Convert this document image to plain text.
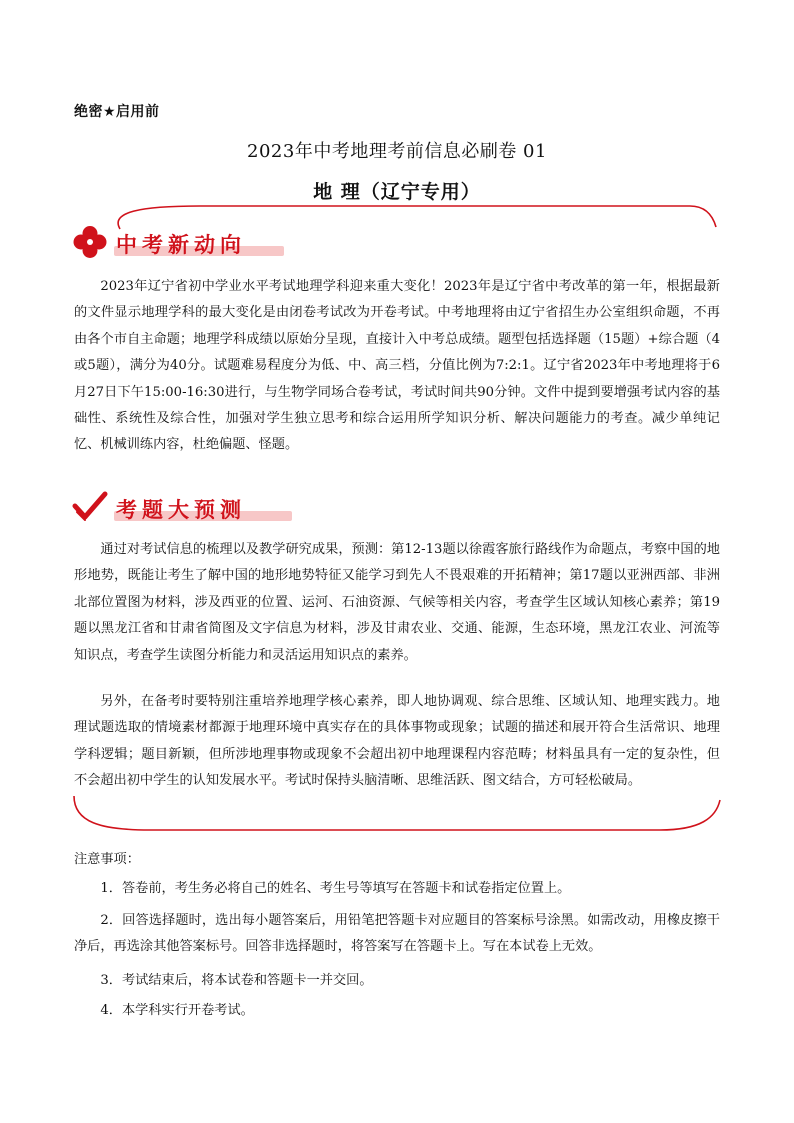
绝密★启用前
2023年中考地理考前信息必刷卷 01
地 理（辽宁专用）
中考新动向

2023年辽宁省初中学业水平考试地理学科迎来重大变化！2023年是辽宁省中考改革的第一年，根据最新的文件显示地理学科的最大变化是由闭卷考试改为开卷考试。中考地理将由辽宁省招生办公室组织命题，不再由各个市自主命题；地理学科成绩以原始分呈现，直接计入中考总成绩。题型包括选择题（15题）+综合题（4或5题），满分为40分。试题难易程度分为低、中、高三档，分值比例为7:2:1。辽宁省2023年中考地理将于6月27日下午15:00-16:30进行，与生物学同场合卷考试，考试时间共90分钟。文件中提到要增强考试内容的基础性、系统性及综合性，加强对学生独立思考和综合运用所学知识分析、解决问题能力的考查。减少单纯记忆、机械训练内容，杜绝偏题、怪题。

考题大预测

通过对考试信息的梳理以及教学研究成果，预测：第12-13题以徐霞客旅行路线作为命题点，考察中国的地形地势，既能让考生了解中国的地形地势特征又能学习到先人不畏艰难的开拓精神；第17题以亚洲西部、非洲北部位置图为材料，涉及西亚的位置、运河、石油资源、气候等相关内容，考查学生区域认知核心素养；第19题以黑龙江省和甘肃省简图及文字信息为材料，涉及甘肃农业、交通、能源，生态环境，黑龙江农业、河流等知识点，考查学生读图分析能力和灵活运用知识点的素养。

另外，在备考时要特别注重培养地理学核心素养，即人地协调观、综合思维、区域认知、地理实践力。地理试题选取的情境素材都源于地理环境中真实存在的具体事物或现象；试题的描述和展开符合生活常识、地理学科逻辑；题目新颖，但所涉地理事物或现象不会超出初中地理课程内容范畴；材料虽具有一定的复杂性，但不会超出初中学生的认知发展水平。考试时保持头脑清晰、思维活跃、图文结合，方可轻松破局。

注意事项：

1．答卷前，考生务必将自己的姓名、考生号等填写在答题卡和试卷指定位置上。

2．回答选择题时，选出每小题答案后，用铅笔把答题卡对应题目的答案标号涂黑。如需改动，用橡皮擦干净后，再选涂其他答案标号。回答非选择题时，将答案写在答题卡上。写在本试卷上无效。

3．考试结束后，将本试卷和答题卡一并交回。

4．本学科实行开卷考试。
